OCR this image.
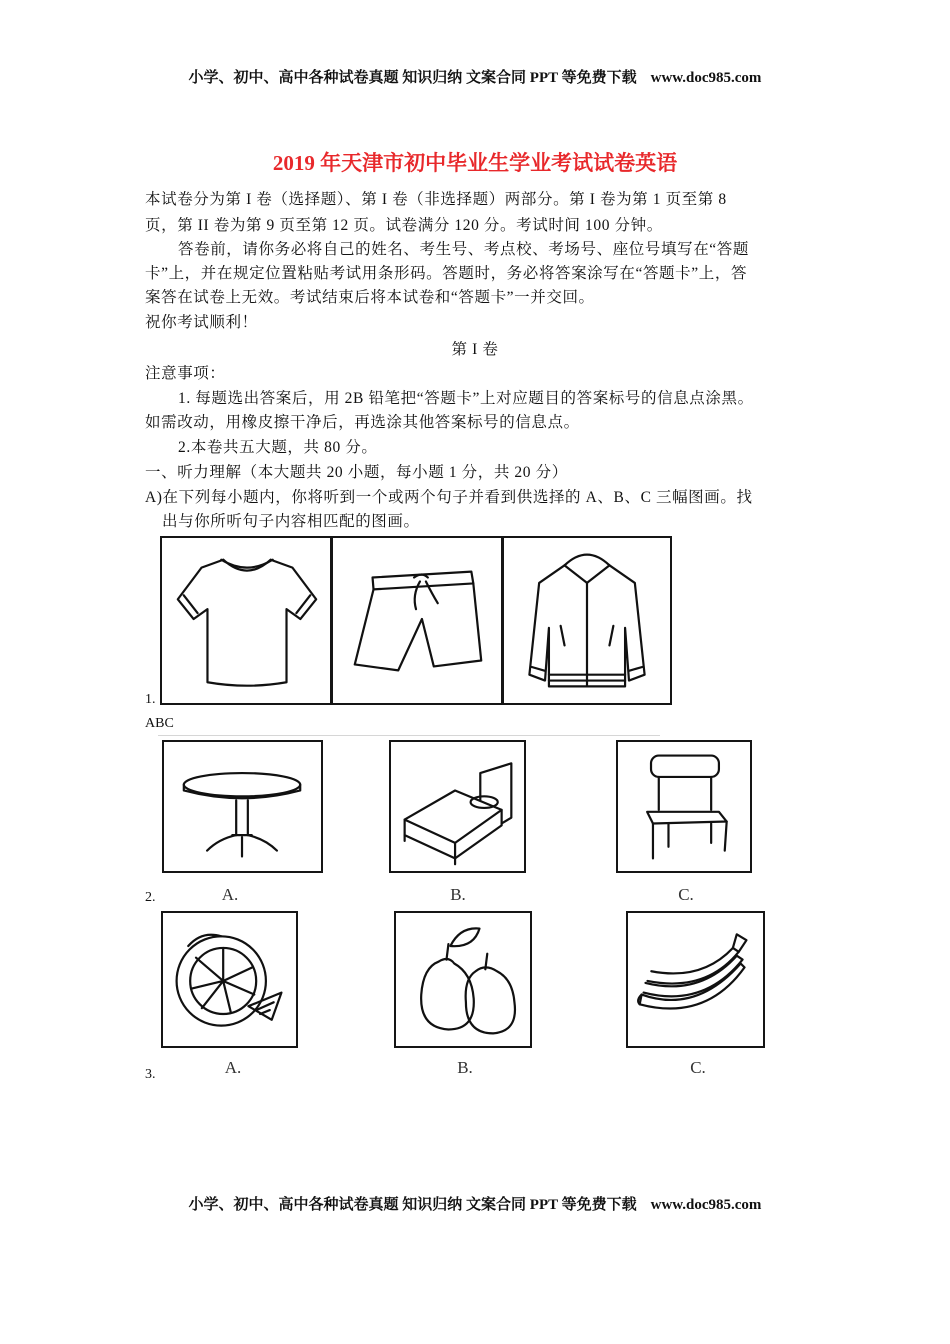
小学、初中、高中各种试卷真题 知识归纳 文案合同 PPT 等免费下载 www.doc985.com
2019 年天津市初中毕业生学业考试试卷英语
本试卷分为第 I 卷（选择题）、第 I 卷（非选择题）两部分。第 I 卷为第 1 页至第 8
页，第 II 卷为第 9 页至第 12 页。试卷满分 120 分。考试时间 100 分钟。
答卷前，请你务必将自己的姓名、考生号、考点校、考场号、座位号填写在“答题
卡”上，并在规定位置粘贴考试用条形码。答题时，务必将答案涂写在“答题卡”上，答
案答在试卷上无效。考试结束后将本试卷和“答题卡”一并交回。
祝你考试顺利！
第 I 卷
注意事项：
1. 每题选出答案后，用 2B 铅笔把“答题卡”上对应题目的答案标号的信息点涂黑。
如需改动，用橡皮擦干净后，再选涂其他答案标号的信息点。
2.本卷共五大题，共 80 分。
一、听力理解（本大题共 20 小题，每小题 1 分，共 20 分）
A)在下列每小题内，你将听到一个或两个句子并看到供选择的 A、B、C 三幅图画。找
出与你所听句子内容相匹配的图画。
1.
ABC
A.	B.	C.
2.
A.	B.	C.
3.
小学、初中、高中各种试卷真题 知识归纳 文案合同 PPT 等免费下载 www.doc985.com
